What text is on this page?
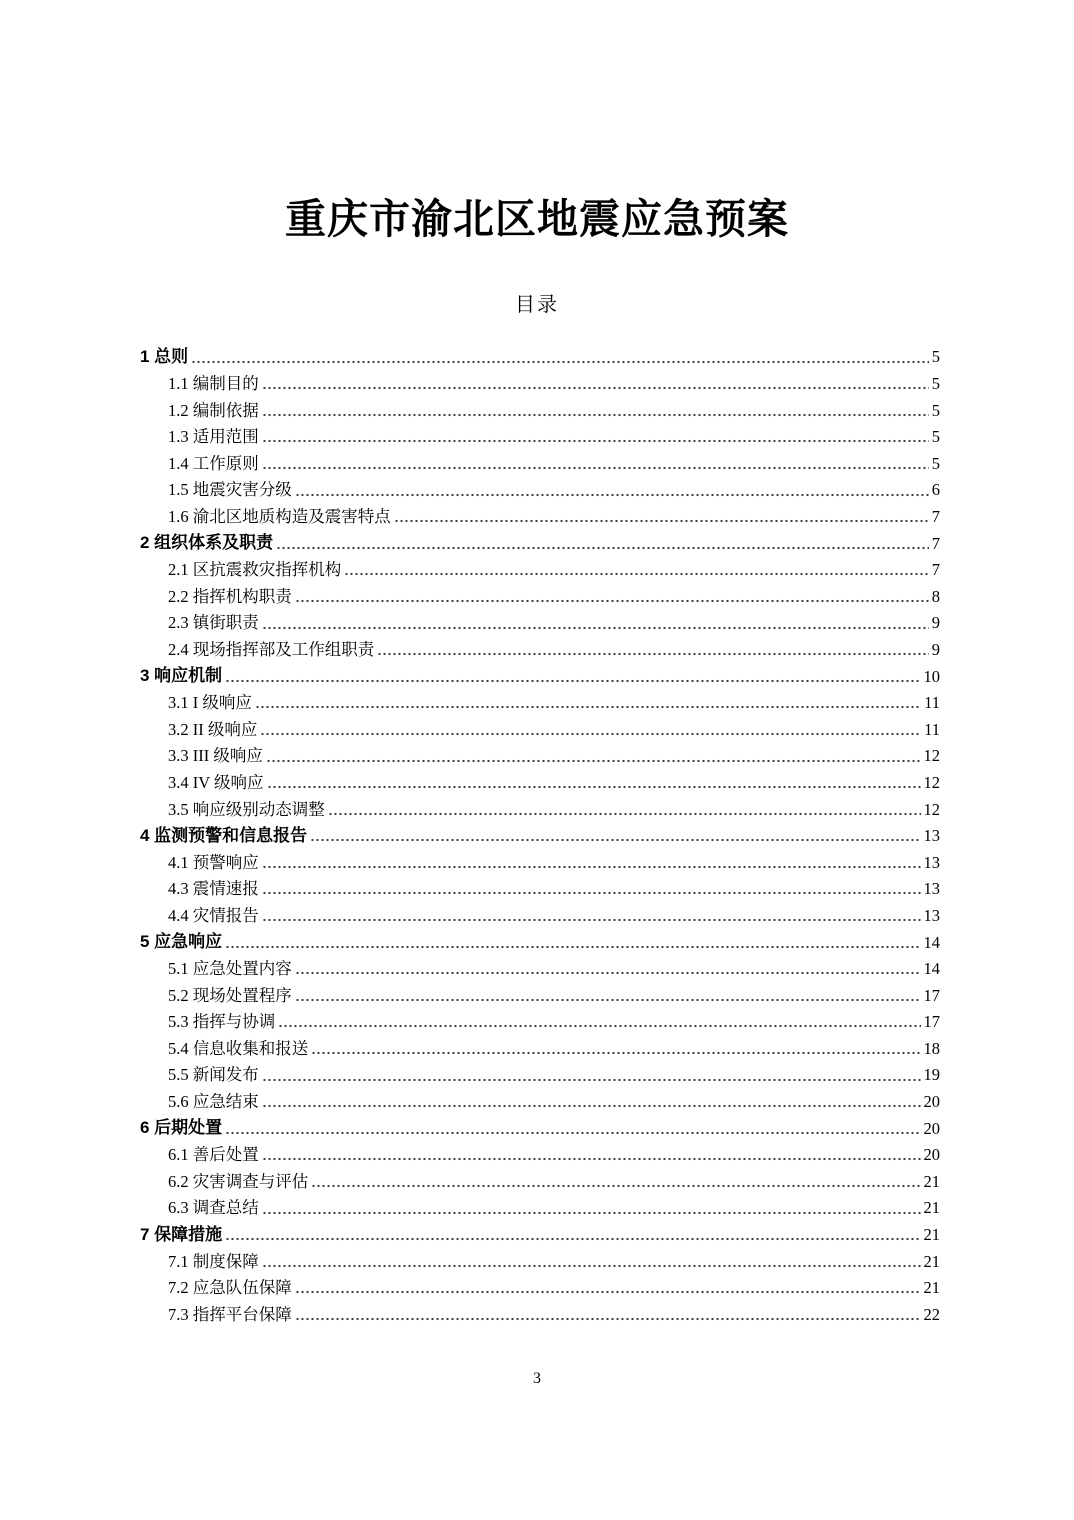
重庆市渝北区地震应急预案
目录
1 总则	5
1.1 编制目的	5
1.2 编制依据	5
1.3 适用范围	5
1.4 工作原则	5
1.5 地震灾害分级	6
1.6 渝北区地质构造及震害特点	7
2 组织体系及职责	7
2.1 区抗震救灾指挥机构	7
2.2 指挥机构职责	8
2.3 镇街职责	9
2.4 现场指挥部及工作组职责	9
3 响应机制	10
3.1 I 级响应	11
3.2 II 级响应	11
3.3 III 级响应	12
3.4 IV 级响应	12
3.5 响应级别动态调整	12
4 监测预警和信息报告	13
4.1 预警响应	13
4.3 震情速报	13
4.4 灾情报告	13
5 应急响应	14
5.1 应急处置内容	14
5.2 现场处置程序	17
5.3 指挥与协调	17
5.4 信息收集和报送	18
5.5 新闻发布	19
5.6 应急结束	20
6 后期处置	20
6.1 善后处置	20
6.2 灾害调查与评估	21
6.3 调查总结	21
7 保障措施	21
7.1 制度保障	21
7.2 应急队伍保障	21
7.3 指挥平台保障	22
3
